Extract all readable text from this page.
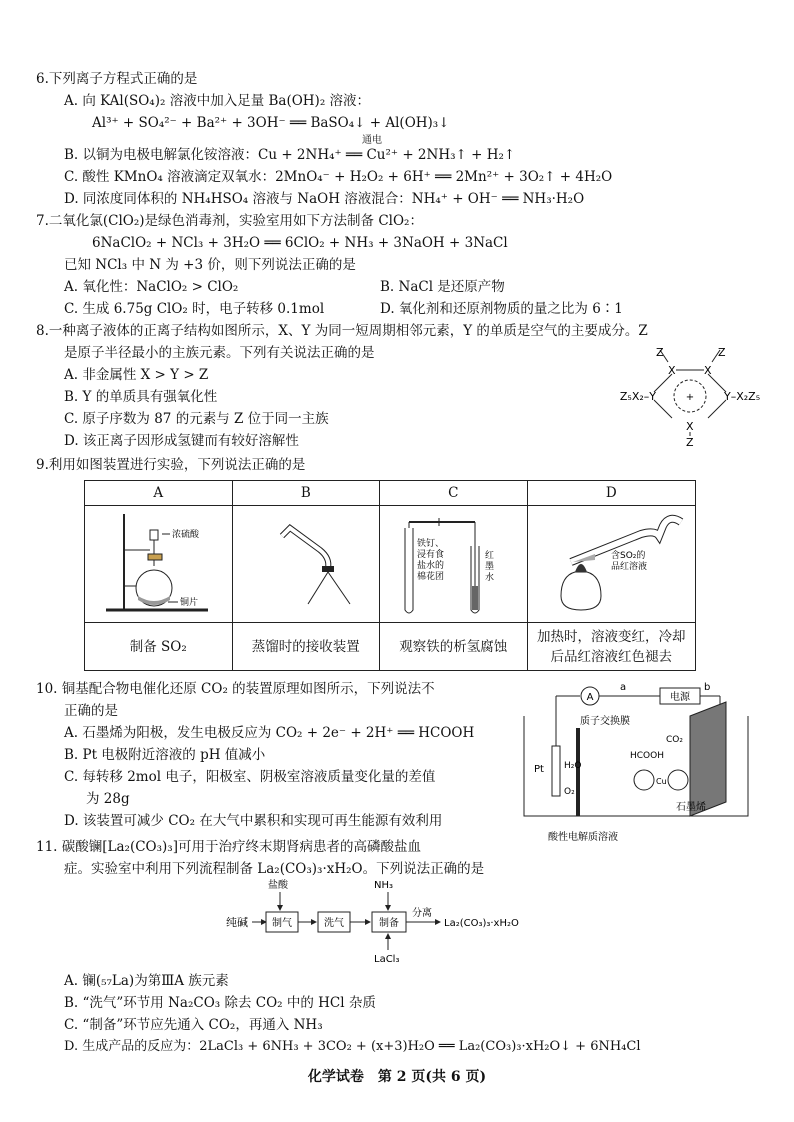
6.下列离子方程式正确的是
A. 向 KAl(SO₄)₂ 溶液中加入足量 Ba(OH)₂ 溶液：
Al³⁺ + SO₄²⁻ + Ba²⁺ + 3OH⁻ ══ BaSO₄↓ + Al(OH)₃↓
通电
B. 以铜为电极电解氯化铵溶液：Cu + 2NH₄⁺ ══ Cu²⁺ + 2NH₃↑ + H₂↑
C. 酸性 KMnO₄ 溶液滴定双氧水：2MnO₄⁻ + H₂O₂ + 6H⁺ ══ 2Mn²⁺ + 3O₂↑ + 4H₂O
D. 同浓度同体积的 NH₄HSO₄ 溶液与 NaOH 溶液混合：NH₄⁺ + OH⁻ ══ NH₃·H₂O
7.二氧化氯(ClO₂)是绿色消毒剂，实验室用如下方法制备 ClO₂：
6NaClO₂ + NCl₃ + 3H₂O ══ 6ClO₂ + NH₃ + 3NaOH + 3NaCl
已知 NCl₃ 中 N 为 +3 价，则下列说法正确的是
A. 氧化性：NaClO₂ > ClO₂	B. NaCl 是还原产物
C. 生成 6.75g ClO₂ 时，电子转移 0.1mol	D. 氧化剂和还原剂物质的量之比为 6∶1
8.一种离子液体的正离子结构如图所示，X、Y 为同一短周期相邻元素，Y 的单质是空气的主要成分。Z
是原子半径最小的主族元素。下列有关说法正确的是
A. 非金属性 X > Y > Z
B. Y 的单质具有强氧化性
C. 原子序数为 87 的元素与 Z 位于同一主族
D. 该正离子因形成氢键而有较好溶解性
+
Z	Z
X	X
Z₅X₂–Y	Y–X₂Z₅
X
Z
9.利用如图装置进行实验，下列说法正确的是
A	B	C	D

浓硫酸
铜片		铁钉、浸有食盐水的棉花团
红墨水	含SO₂的
品红溶液

制备 SO₂	蒸馏时的接收装置	观察铁的析氢腐蚀	加热时，溶液变红，冷却
后品红溶液红色褪去
10. 铜基配合物电催化还原 CO₂ 的装置原理如图所示，下列说法不
正确的是
A. 石墨烯为阳极，发生电极反应为 CO₂ + 2e⁻ + 2H⁺ ══ HCOOH
B. Pt 电极附近溶液的 pH 值减小
C. 每转移 2mol 电子，阳极室、阴极室溶液质量变化量的差值
为 28g
D. 该装置可减少 CO₂ 在大气中累积和实现可再生能源有效利用
A
a
电源
b
质子交换膜
Pt H₂O
O₂
CO₂
HCOOH
Cu
石墨烯
酸性电解质溶液
11. 碳酸镧[La₂(CO₃)₃]可用于治疗终末期肾病患者的高磷酸盐血
症。实验室中利用下列流程制备 La₂(CO₃)₃·xH₂O。下列说法正确的是
纯碱
盐酸
制气	洗气
NH₃
制备
LaCl₃
分离
La₂(CO₃)₃·xH₂O
A. 镧(₅₇La)为第ⅢA 族元素
B. “洗气”环节用 Na₂CO₃ 除去 CO₂ 中的 HCl 杂质
C. “制备”环节应先通入 CO₂，再通入 NH₃
D. 生成产品的反应为：2LaCl₃ + 6NH₃ + 3CO₂ + (x+3)H₂O ══ La₂(CO₃)₃·xH₂O↓ + 6NH₄Cl
化学试卷　第 2 页(共 6 页)
